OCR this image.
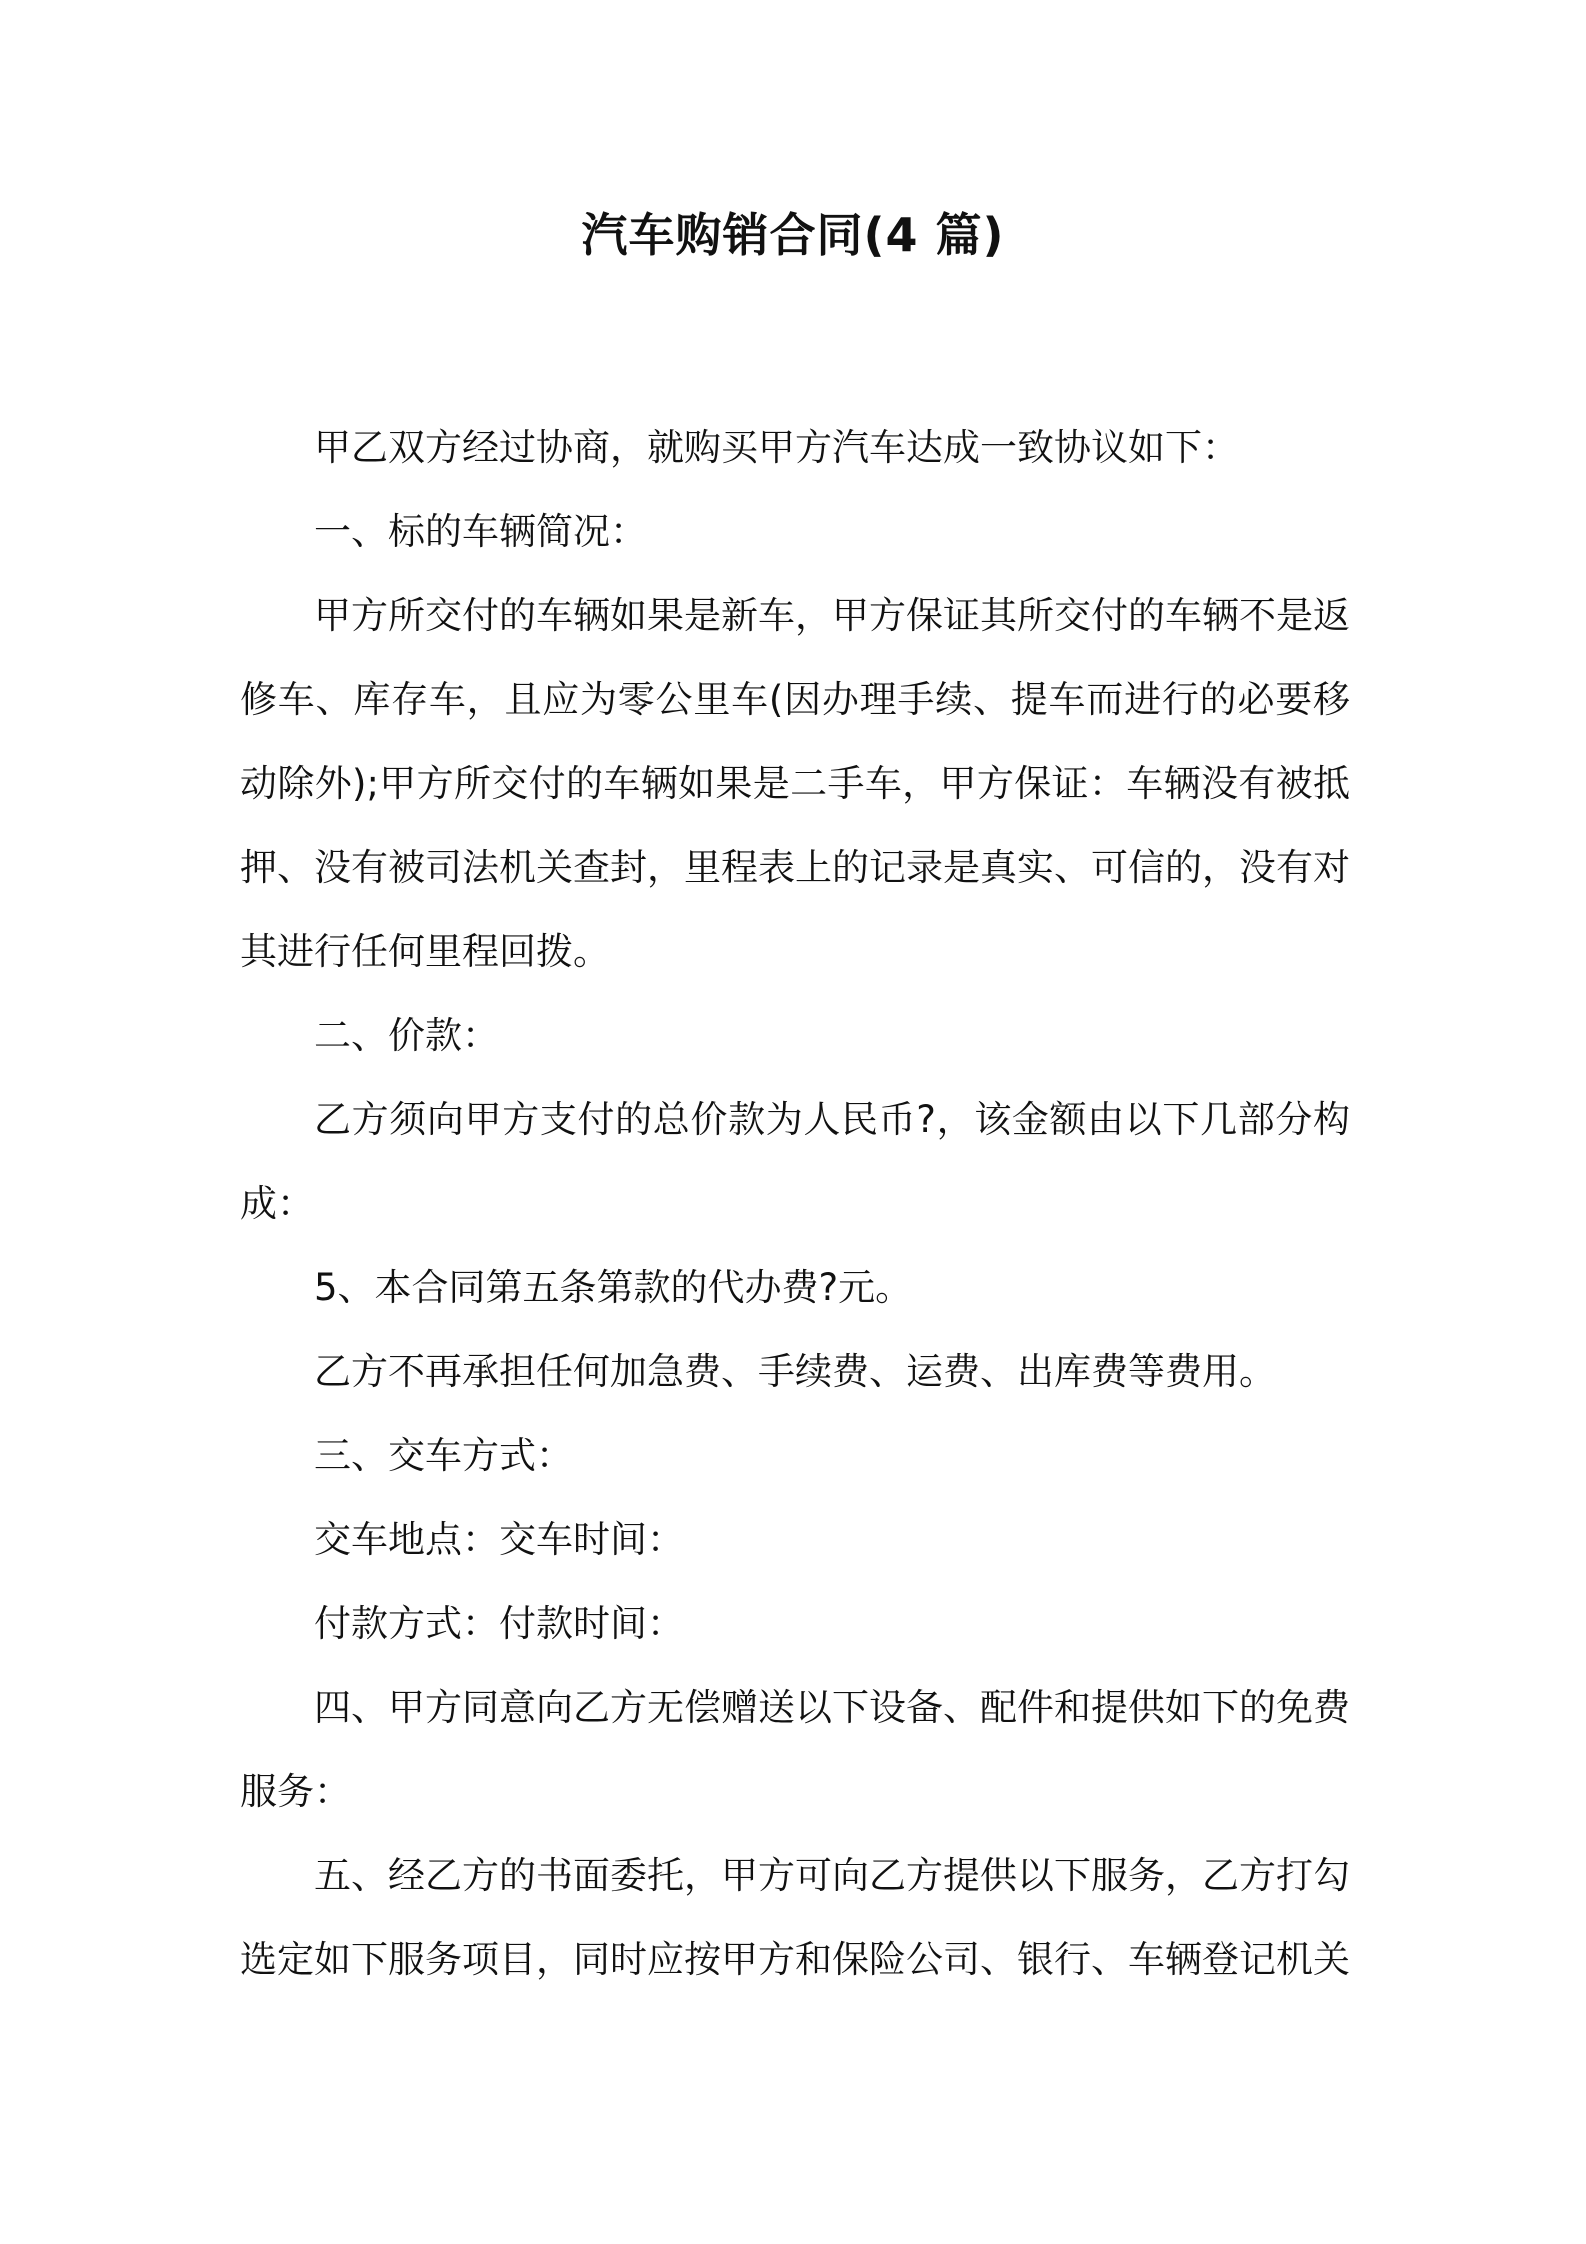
汽车购销合同(4 篇)

甲乙双方经过协商，就购买甲方汽车达成一致协议如下：

一、标的车辆简况：

甲方所交付的车辆如果是新车，甲方保证其所交付的车辆不是返修车、库存车，且应为零公里车(因办理手续、提车而进行的必要移动除外);甲方所交付的车辆如果是二手车，甲方保证：车辆没有被抵押、没有被司法机关查封，里程表上的记录是真实、可信的，没有对其进行任何里程回拨。

二、价款：

乙方须向甲方支付的总价款为人民币?，该金额由以下几部分构成：

5、本合同第五条第款的代办费?元。

乙方不再承担任何加急费、手续费、运费、出库费等费用。

三、交车方式：

交车地点：交车时间：

付款方式：付款时间：

四、甲方同意向乙方无偿赠送以下设备、配件和提供如下的免费服务：

五、经乙方的书面委托，甲方可向乙方提供以下服务，乙方打勾选定如下服务项目，同时应按甲方和保险公司、银行、车辆登记机关
